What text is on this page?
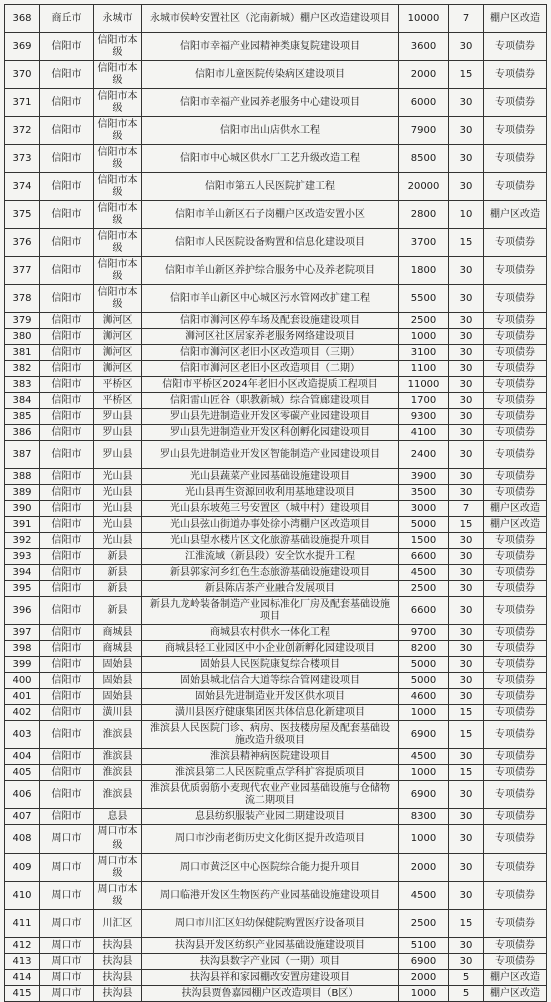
368	商丘市	永城市	永城市侯岭安置社区（沱南新城）棚户区改造建设项目	10000	7	棚户区改造
369	信阳市	信阳市本级	信阳市幸福产业园精神类康复院建设项目	3600	30	专项债券
370	信阳市	信阳市本级	信阳市儿童医院传染病区建设项目	2000	15	专项债券
371	信阳市	信阳市本级	信阳市幸福产业园养老服务中心建设项目	6000	30	专项债券
372	信阳市	信阳市本级	信阳市出山店供水工程	7900	30	专项债券
373	信阳市	信阳市本级	信阳市中心城区供水厂工艺升级改造工程	8500	30	专项债券
374	信阳市	信阳市本级	信阳市第五人民医院扩建工程	20000	30	专项债券
375	信阳市	信阳市本级	信阳市羊山新区石子岗棚户区改造安置小区	2800	10	棚户区改造
376	信阳市	信阳市本级	信阳市人民医院设备购置和信息化建设项目	3700	15	专项债券
377	信阳市	信阳市本级	信阳市羊山新区养护综合服务中心及养老院项目	1800	30	专项债券
378	信阳市	信阳市本级	信阳市羊山新区中心城区污水管网改扩建工程	5500	30	专项债券
379	信阳市	浉河区	信阳市浉河区停车场及配套设施建设项目	2500	30	专项债券
380	信阳市	浉河区	浉河区社区居家养老服务网络建设项目	1000	30	专项债券
381	信阳市	浉河区	信阳市浉河区老旧小区改造项目（三期）	3100	30	专项债券
382	信阳市	浉河区	信阳市浉河区老旧小区改造项目（二期）	1100	30	专项债券
383	信阳市	平桥区	信阳市平桥区2024年老旧小区改造提质工程项目	11000	30	专项债券
384	信阳市	平桥区	信阳雷山匠谷（职教新城）综合管廊建设项目	1700	30	专项债券
385	信阳市	罗山县	罗山县先进制造业开发区零碳产业园建设项目	9300	30	专项债券
386	信阳市	罗山县	罗山县先进制造业开发区科创孵化园建设项目	4100	30	专项债券
387	信阳市	罗山县	罗山县先进制造业开发区智能制造产业园建设项目	2400	30	专项债券
388	信阳市	光山县	光山县蔬菜产业园基础设施建设项目	3900	30	专项债券
389	信阳市	光山县	光山县再生资源回收利用基地建设项目	3500	30	专项债券
390	信阳市	光山县	光山县东坡苑三号安置区（城中村）建设项目	3000	7	棚户区改造
391	信阳市	光山县	光山县弦山街道办事处徐小湾棚户区改造项目	5000	15	棚户区改造
392	信阳市	光山县	光山县望水楼片区文化旅游基础设施提升项目	1500	30	专项债券
393	信阳市	新县	江淮流域（新县段）安全饮水提升工程	6600	30	专项债券
394	信阳市	新县	新县郭家河乡红色生态旅游基础设施建设项目	4500	30	专项债券
395	信阳市	新县	新县陈店茶产业融合发展项目	2500	30	专项债券
396	信阳市	新县	新县九龙岭装备制造产业园标准化厂房及配套基础设施项目	6600	30	专项债券
397	信阳市	商城县	商城县农村供水一体化工程	9700	30	专项债券
398	信阳市	商城县	商城县轻工业园区中小企业创新孵化园建设项目	8200	30	专项债券
399	信阳市	固始县	固始县人民医院康复综合楼项目	5000	30	专项债券
400	信阳市	固始县	固始县城北信合大道等综合管网建设项目	5000	30	专项债券
401	信阳市	固始县	固始县先进制造业开发区供水项目	4600	30	专项债券
402	信阳市	潢川县	潢川县医疗健康集团医共体信息化新建项目	1000	15	专项债券
403	信阳市	淮滨县	淮滨县人民医院门诊、病房、医技楼房屋及配套基础设施改造升级项目	6900	15	专项债券
404	信阳市	淮滨县	淮滨县精神病医院建设项目	4500	30	专项债券
405	信阳市	淮滨县	淮滨县第二人民医院重点学科扩容提质项目	1000	15	专项债券
406	信阳市	淮滨县	淮滨县优质弱筋小麦现代农业产业园基础设施与仓储物流二期项目	6900	30	专项债券
407	信阳市	息县	息县纺织服装产业园二期建设项目	8300	30	专项债券
408	周口市	周口市本级	周口市沙南老街历史文化街区提升改造项目	1000	30	专项债券
409	周口市	周口市本级	周口市黄泛区中心医院综合能力提升项目	2000	30	专项债券
410	周口市	周口市本级	周口临港开发区生物医药产业园基础设施建设项目	4500	30	专项债券
411	周口市	川汇区	周口市川汇区妇幼保健院购置医疗设备项目	2500	15	专项债券
412	周口市	扶沟县	扶沟县开发区纺织产业园基础设施建设项目	5100	30	专项债券
413	周口市	扶沟县	扶沟县数字产业园（一期）项目	6900	30	专项债券
414	周口市	扶沟县	扶沟县祥和家园棚改安置房建设项目	2000	5	棚户区改造
415	周口市	扶沟县	扶沟县贾鲁嘉园棚户区改造项目（B区）	1000	5	棚户区改造
